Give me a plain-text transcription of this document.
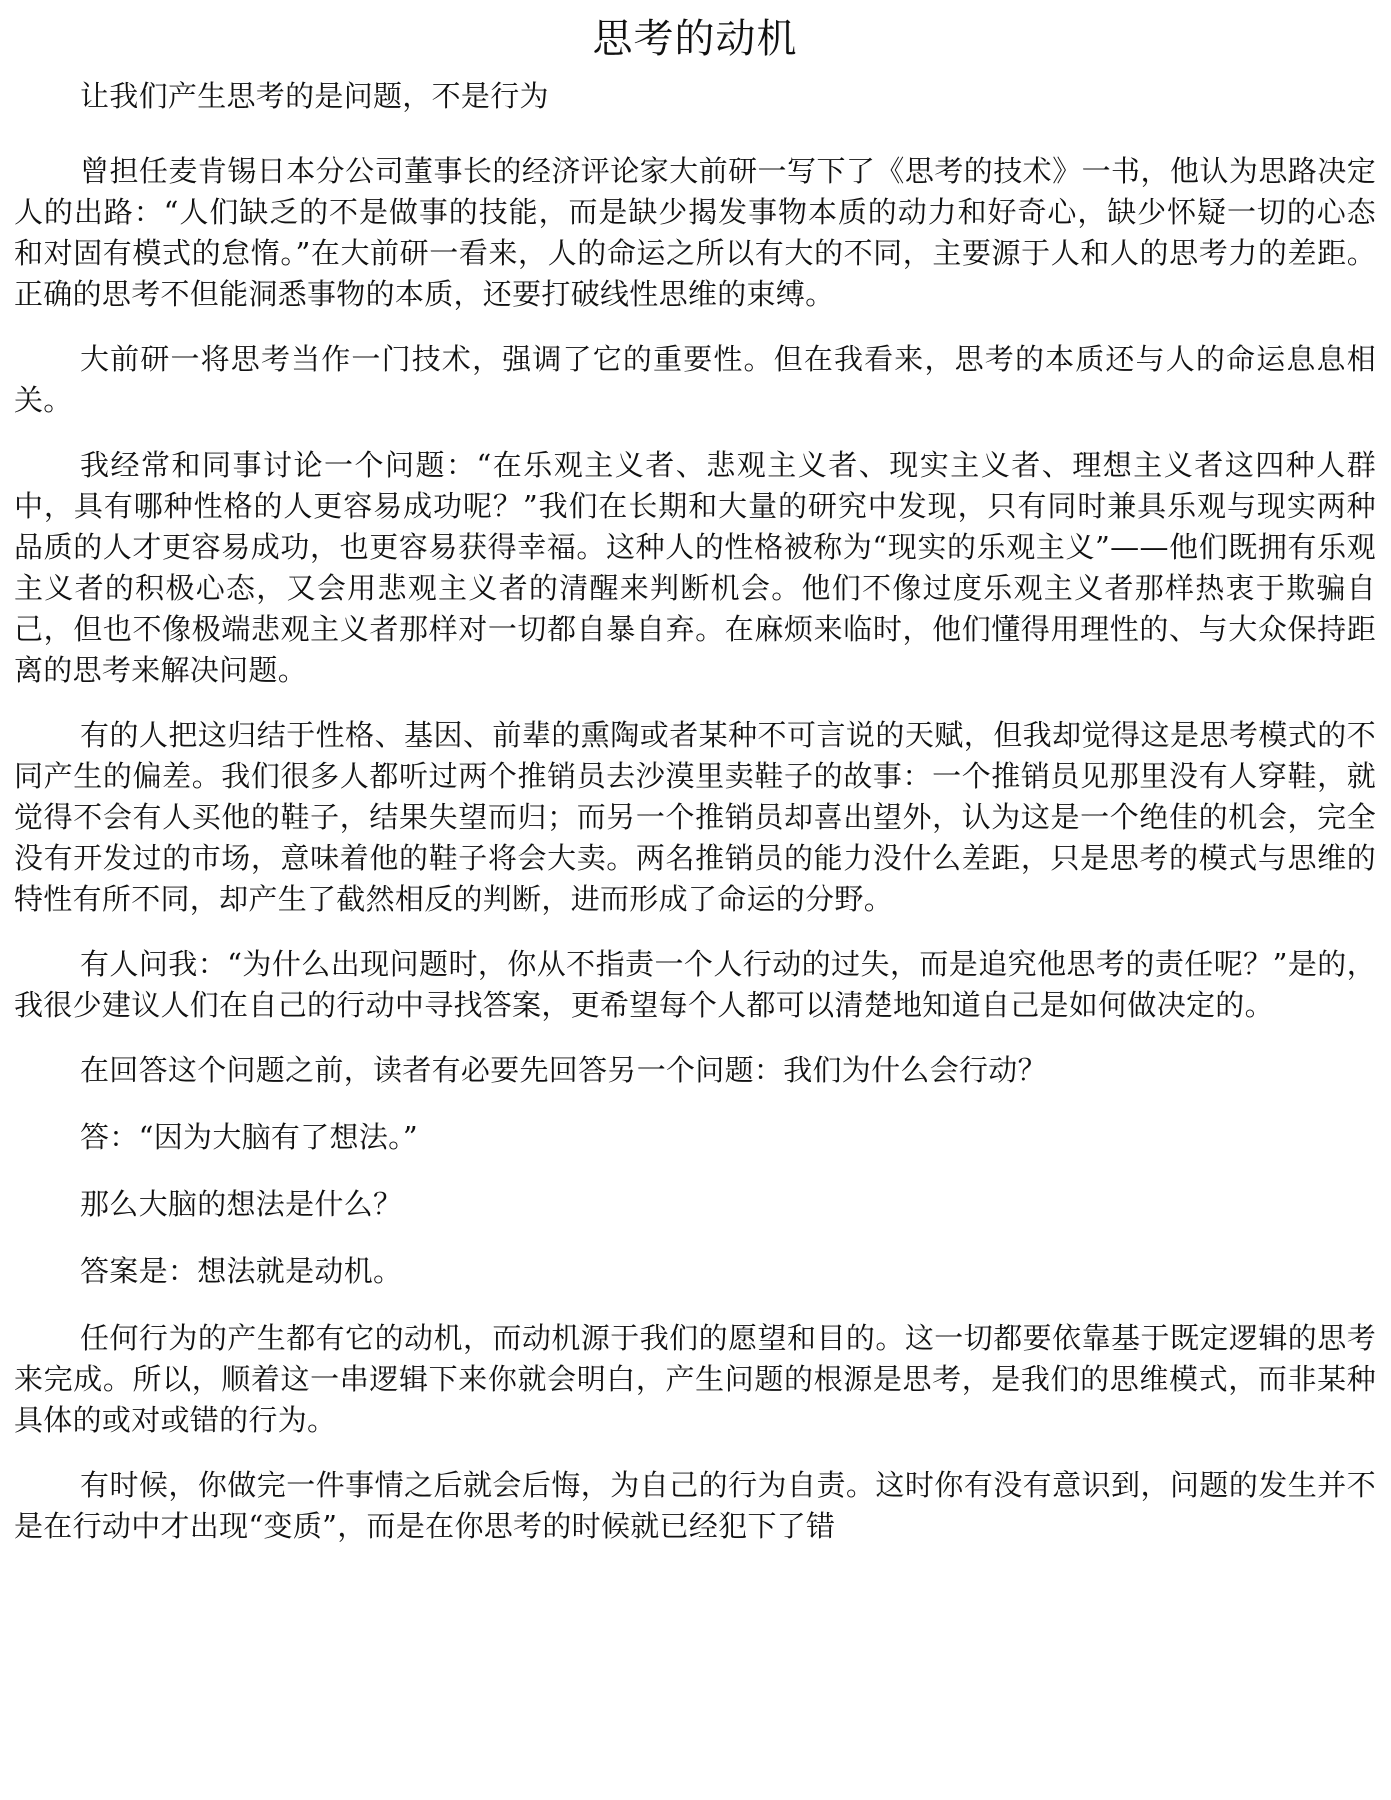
思考的动机

让我们产生思考的是问题，不是行为

曾担任麦肯锡日本分公司董事长的经济评论家大前研一写下了《思考的技术》一书，他认为思路决定人的出路：“人们缺乏的不是做事的技能，而是缺少揭发事物本质的动力和好奇心，缺少怀疑一切的心态和对固有模式的怠惰。”在大前研一看来，人的命运之所以有大的不同，主要源于人和人的思考力的差距。正确的思考不但能洞悉事物的本质，还要打破线性思维的束缚。

大前研一将思考当作一门技术，强调了它的重要性。但在我看来，思考的本质还与人的命运息息相关。

我经常和同事讨论一个问题：“在乐观主义者、悲观主义者、现实主义者、理想主义者这四种人群中，具有哪种性格的人更容易成功呢？”我们在长期和大量的研究中发现，只有同时兼具乐观与现实两种品质的人才更容易成功，也更容易获得幸福。这种人的性格被称为“现实的乐观主义”——他们既拥有乐观主义者的积极心态，又会用悲观主义者的清醒来判断机会。他们不像过度乐观主义者那样热衷于欺骗自己，但也不像极端悲观主义者那样对一切都自暴自弃。在麻烦来临时，他们懂得用理性的、与大众保持距离的思考来解决问题。

有的人把这归结于性格、基因、前辈的熏陶或者某种不可言说的天赋，但我却觉得这是思考模式的不同产生的偏差。我们很多人都听过两个推销员去沙漠里卖鞋子的故事：一个推销员见那里没有人穿鞋，就觉得不会有人买他的鞋子，结果失望而归；而另一个推销员却喜出望外，认为这是一个绝佳的机会，完全没有开发过的市场，意味着他的鞋子将会大卖。两名推销员的能力没什么差距，只是思考的模式与思维的特性有所不同，却产生了截然相反的判断，进而形成了命运的分野。

有人问我：“为什么出现问题时，你从不指责一个人行动的过失，而是追究他思考的责任呢？”是的，我很少建议人们在自己的行动中寻找答案，更希望每个人都可以清楚地知道自己是如何做决定的。

在回答这个问题之前，读者有必要先回答另一个问题：我们为什么会行动？

答：“因为大脑有了想法。”

那么大脑的想法是什么？

答案是：想法就是动机。

任何行为的产生都有它的动机，而动机源于我们的愿望和目的。这一切都要依靠基于既定逻辑的思考来完成。所以，顺着这一串逻辑下来你就会明白，产生问题的根源是思考，是我们的思维模式，而非某种具体的或对或错的行为。

有时候，你做完一件事情之后就会后悔，为自己的行为自责。这时你有没有意识到，问题的发生并不是在行动中才出现“变质”，而是在你思考的时候就已经犯下了错
